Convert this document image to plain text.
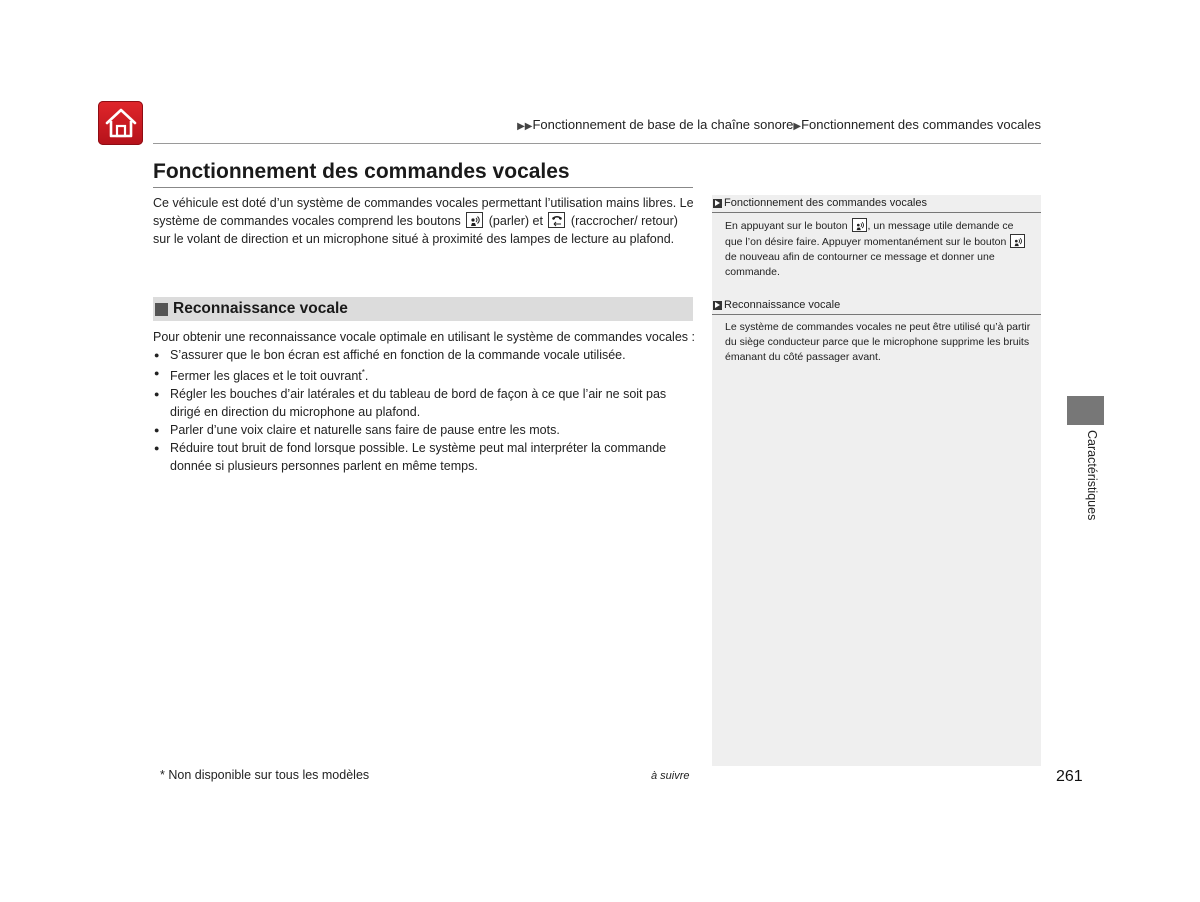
▶▶Fonctionnement de base de la chaîne sonore▶Fonctionnement des commandes vocales
Fonctionnement des commandes vocales

Ce véhicule est doté d’un système de commandes vocales permettant l’utilisation mains libres. Le système de commandes vocales comprend les boutons (parler) et (raccrocher/ retour) sur le volant de direction et un microphone situé à proximité des lampes de lecture au plafond.

Reconnaissance vocale

Pour obtenir une reconnaissance vocale optimale en utilisant le système de commandes vocales :

● S’assurer que le bon écran est affiché en fonction de la commande vocale utilisée.
● Fermer les glaces et le toit ouvrant*.
● Régler les bouches d’air latérales et du tableau de bord de façon à ce que l’air ne soit pas dirigé en direction du microphone au plafond.
● Parler d’une voix claire et naturelle sans faire de pause entre les mots.
● Réduire tout bruit de fond lorsque possible. Le système peut mal interpréter la commande donnée si plusieurs personnes parlent en même temps.
Fonctionnement des commandes vocales

En appuyant sur le bouton , un message utile demande ce que l’on désire faire. Appuyer momentanément sur le bouton
de nouveau afin de contourner ce message et donner une commande.

Reconnaissance vocale

Le système de commandes vocales ne peut être utilisé qu’à partir du siège conducteur parce que le microphone supprime les bruits émanant du côté passager avant.

Caractéristiques
* Non disponible sur tous les modèles	à suivre	261
